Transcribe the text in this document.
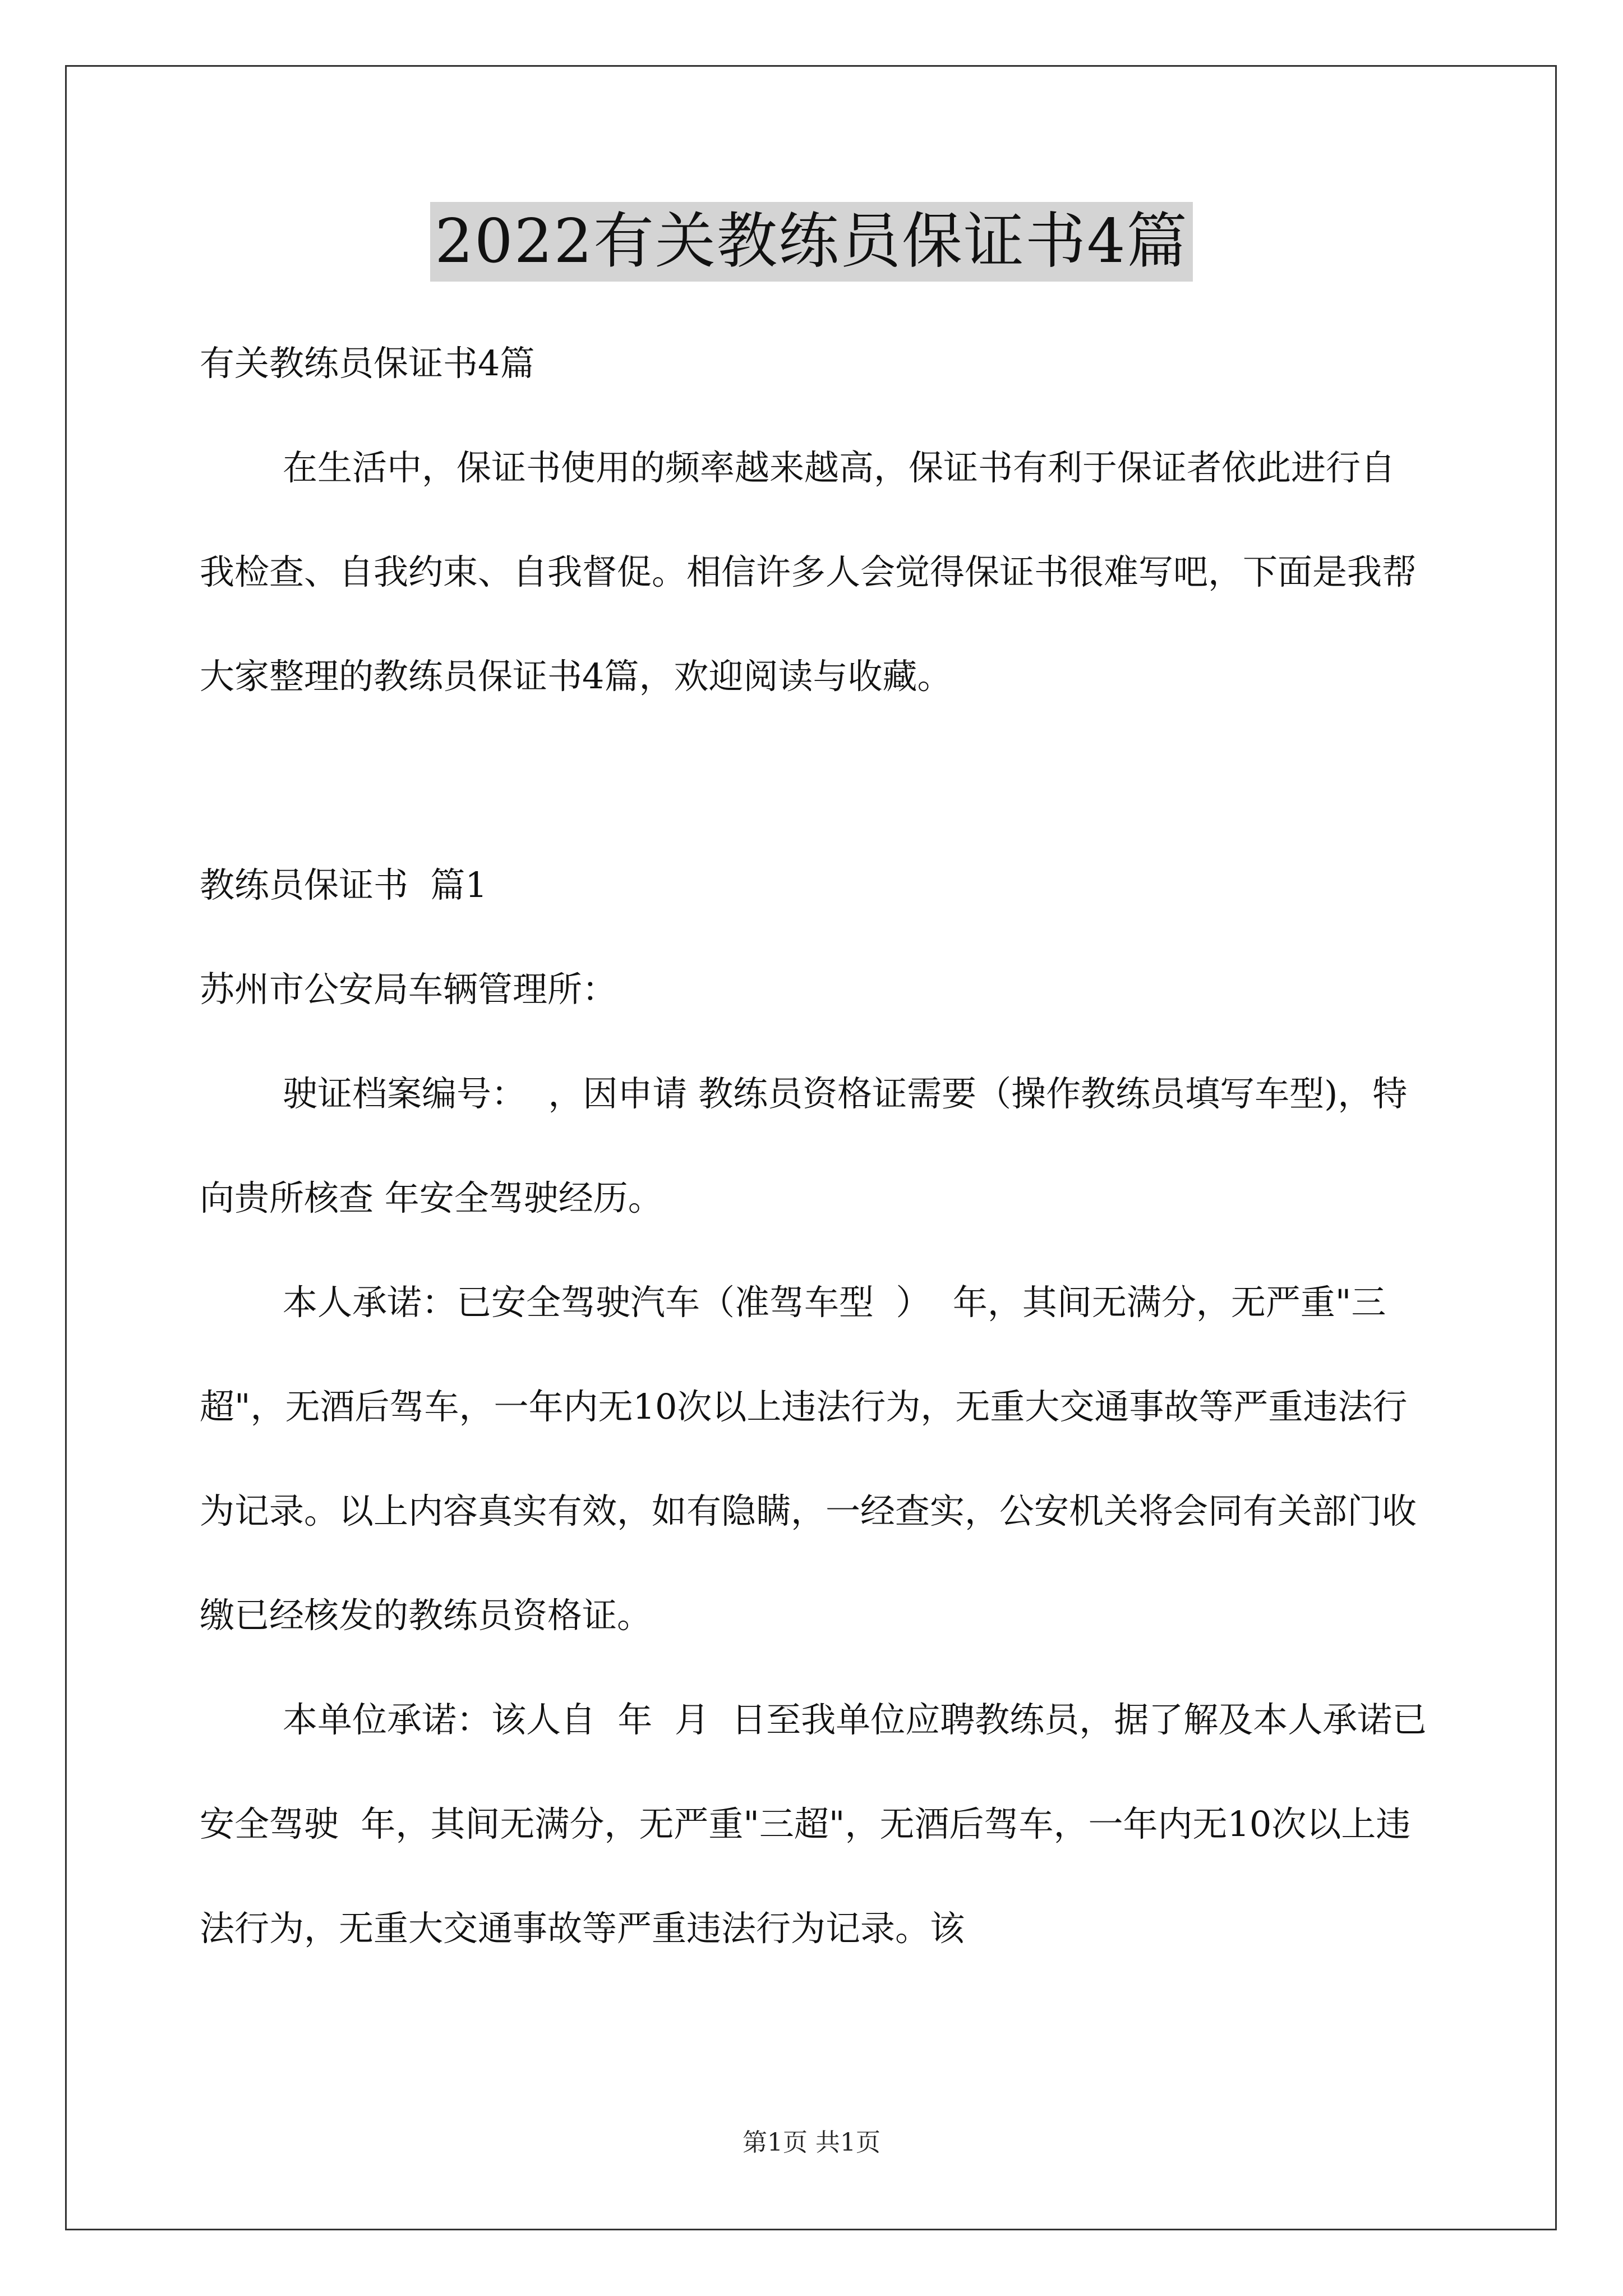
2022有关教练员保证书4篇

有关教练员保证书4篇

在生活中，保证书使用的频率越来越高，保证书有利于保证者依此进行自我检查、自我约束、自我督促。相信许多人会觉得保证书很难写吧，下面是我帮大家整理的教练员保证书4篇，欢迎阅读与收藏。

教练员保证书  篇1

苏州市公安局车辆管理所：

驶证档案编号：  ，因申请 教练员资格证需要（操作教练员填写车型)，特向贵所核查 年安全驾驶经历。

本人承诺：已安全驾驶汽车（准驾车型  ）  年，其间无满分，无严重"三超"，无酒后驾车，一年内无10次以上违法行为，无重大交通事故等严重违法行为记录。以上内容真实有效，如有隐瞒，一经查实，公安机关将会同有关部门收缴已经核发的教练员资格证。

本单位承诺：该人自  年  月  日至我单位应聘教练员，据了解及本人承诺已安全驾驶  年，其间无满分，无严重"三超"，无酒后驾车，一年内无10次以上违法行为，无重大交通事故等严重违法行为记录。该

第1页 共1页
